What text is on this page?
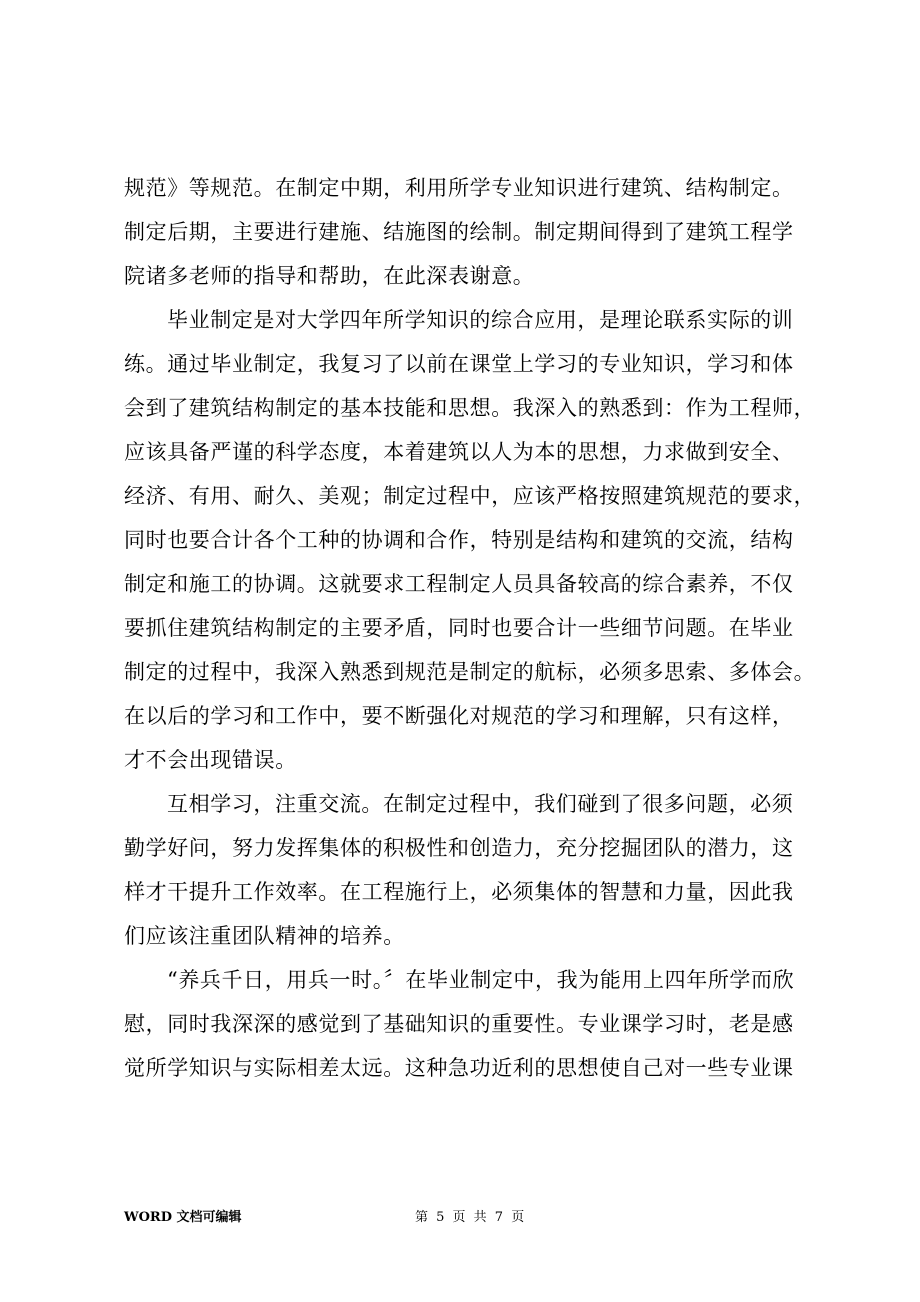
规范》等规范。在制定中期，利用所学专业知识进行建筑、结构制定。
制定后期，主要进行建施、结施图的绘制。制定期间得到了建筑工程学
院诸多老师的指导和帮助，在此深表谢意。
毕业制定是对大学四年所学知识的综合应用，是理论联系实际的训
练。通过毕业制定，我复习了以前在课堂上学习的专业知识，学习和体
会到了建筑结构制定的基本技能和思想。我深入的熟悉到：作为工程师，
应该具备严谨的科学态度，本着建筑以人为本的思想，力求做到安全、
经济、有用、耐久、美观；制定过程中，应该严格按照建筑规范的要求，
同时也要合计各个工种的协调和合作，特别是结构和建筑的交流，结构
制定和施工的协调。这就要求工程制定人员具备较高的综合素养，不仅
要抓住建筑结构制定的主要矛盾，同时也要合计一些细节问题。在毕业
制定的过程中，我深入熟悉到规范是制定的航标，必须多思索、多体会。
在以后的学习和工作中，要不断强化对规范的学习和理解，只有这样，
才不会出现错误。
互相学习，注重交流。在制定过程中，我们碰到了很多问题，必须
勤学好问，努力发挥集体的积极性和创造力，充分挖掘团队的潜力，这
样才干提升工作效率。在工程施行上，必须集体的智慧和力量，因此我
们应该注重团队精神的培养。
“养兵千日，用兵一时。〞在毕业制定中，我为能用上四年所学而欣
慰，同时我深深的感觉到了基础知识的重要性。专业课学习时，老是感
觉所学知识与实际相差太远。这种急功近利的思想使自己对一些专业课
WORD 文档可编辑	第 5 页 共 7 页
